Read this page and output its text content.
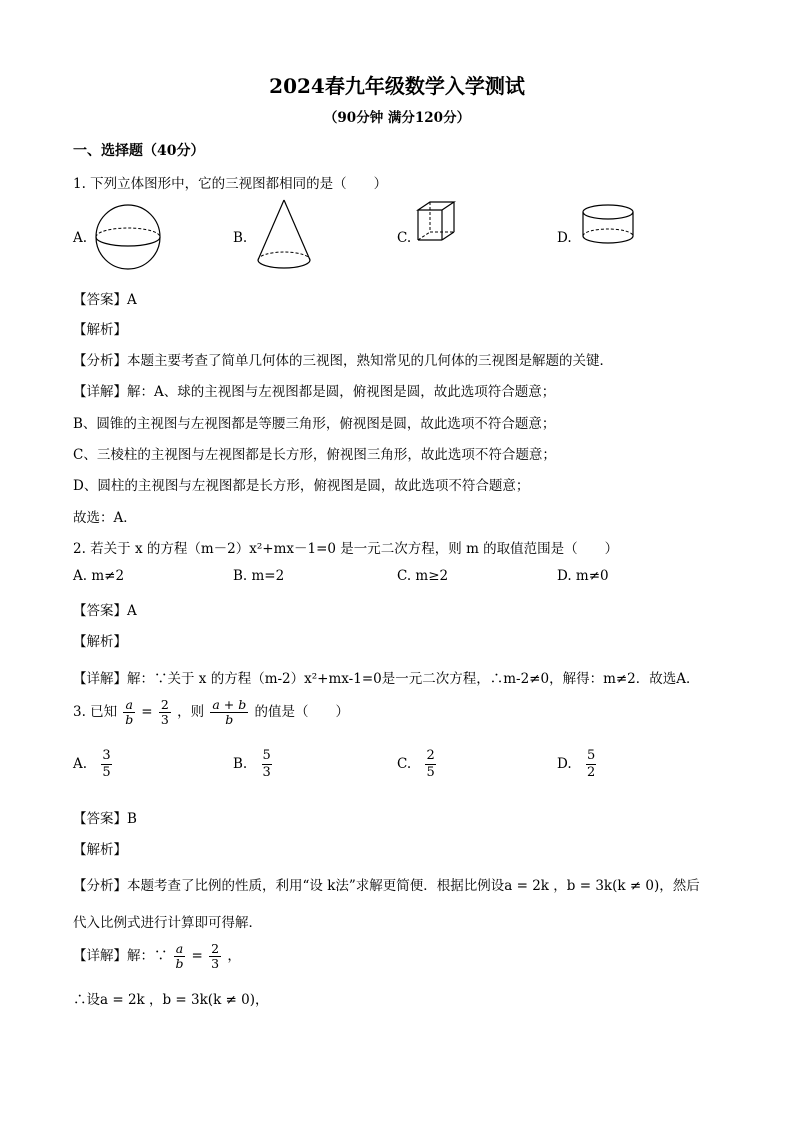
2024春九年级数学入学测试
（90分钟 满分120分）
一、选择题（40分）
1. 下列立体图形中，它的三视图都相同的是（　　）
A.	B.	C.	D.
【答案】A
【解析】
【分析】本题主要考查了简单几何体的三视图，熟知常见的几何体的三视图是解题的关键．
【详解】解：A、球的主视图与左视图都是圆，俯视图是圆，故此选项符合题意；
B、圆锥的主视图与左视图都是等腰三角形，俯视图是圆，故此选项不符合题意；
C、三棱柱的主视图与左视图都是长方形，俯视图三角形，故此选项不符合题意；
D、圆柱的主视图与左视图都是长方形，俯视图是圆，故此选项不符合题意；
故选：A．
2. 若关于 x 的方程（m－2）x²+mx－1=0 是一元二次方程，则 m 的取值范围是（　　）
A. m≠2	B. m=2	C. m≥2	D. m≠0
【答案】A
【解析】
【详解】解：∵关于 x 的方程（m-2）x²+mx-1=0是一元二次方程，∴m-2≠0，解得：m≠2．故选A．
3. 已知 $\frac{a}{b} = \frac{2}{3}$ ，则 $\frac{a + b}{b}$ 的值是（　　）
A. $\frac{3}{5}$	B. $\frac{5}{3}$	C. $\frac{2}{5}$	D. $\frac{5}{2}$
【答案】B
【解析】
【分析】本题考查了比例的性质，利用“设 k法”求解更简便．根据比例设a = 2k ，b = 3k(k ≠ 0)，然后
代入比例式进行计算即可得解．
【详解】解：∵ $\frac{a}{b} = \frac{2}{3}$ ，
∴设a = 2k ，b = 3k(k ≠ 0)，
